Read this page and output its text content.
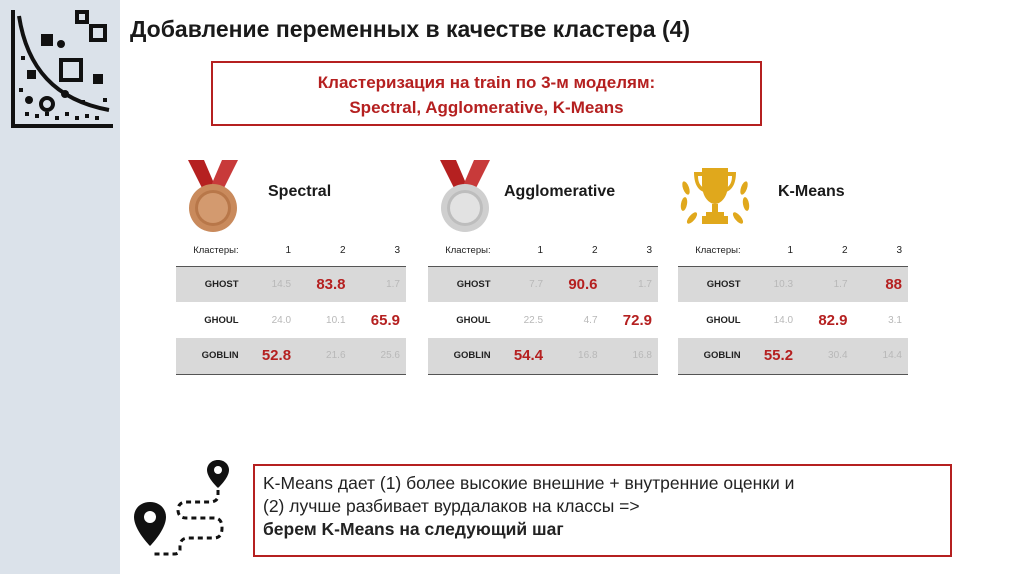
Добавление переменных в качестве кластера (4)
Кластеризация на train по 3-м моделям:
Spectral, Agglomerative, K-Means
Spectral
Кластеры:	1	2	3
GHOST	14.5	83.8	1.7
GHOUL	24.0	10.1	65.9
GOBLIN	52.8	21.6	25.6
Agglomerative
Кластеры:	1	2	3
GHOST	7.7	90.6	1.7
GHOUL	22.5	4.7	72.9
GOBLIN	54.4	16.8	16.8
K-Means
Кластеры:	1	2	3
GHOST	10.3	1.7	88
GHOUL	14.0	82.9	3.1
GOBLIN	55.2	30.4	14.4
K-Means дает (1) более высокие внешние + внутренние оценки и
(2) лучше разбивает вурдалаков на классы =>
берем K-Means на следующий шаг
